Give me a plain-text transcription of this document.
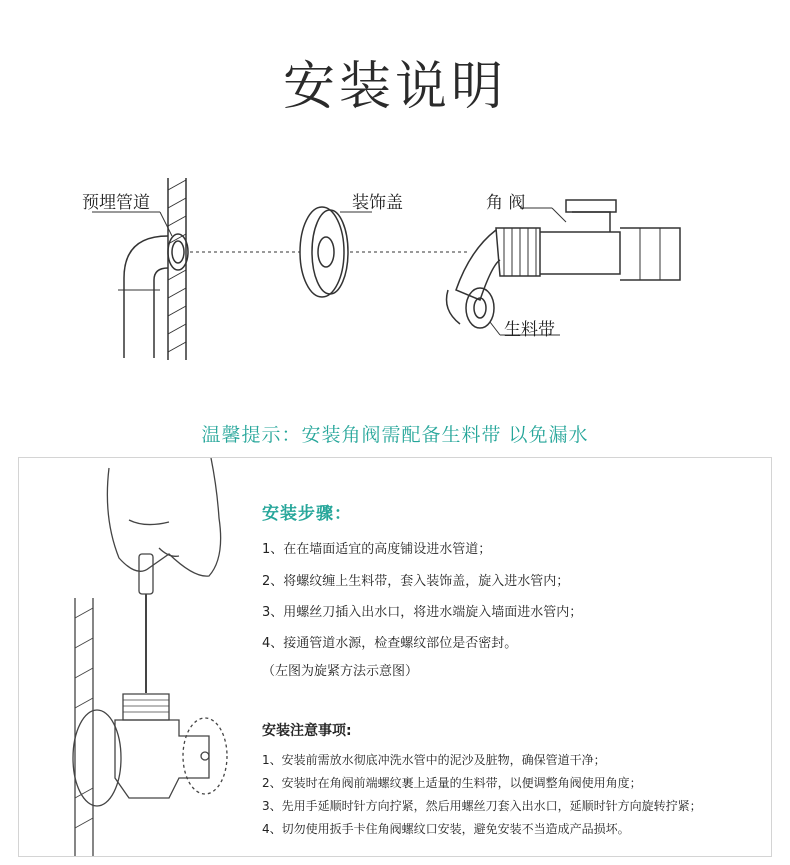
安装说明
预埋管道	装饰盖	角 阀
生料带
温馨提示：安装角阀需配备生料带 以免漏水
安装步骤：
1、在在墙面适宜的高度铺设进水管道；
2、将螺纹缠上生料带，套入装饰盖，旋入进水管内；
3、用螺丝刀插入出水口，将进水端旋入墙面进水管内；
4、接通管道水源，检查螺纹部位是否密封。
（左图为旋紧方法示意图）
安装注意事项:
1、安装前需放水彻底冲洗水管中的泥沙及脏物，确保管道干净；
2、安装时在角阀前端螺纹裹上适量的生料带，以便调整角阀使用角度；
3、先用手延顺时针方向拧紧，然后用螺丝刀套入出水口，延顺时针方向旋转拧紧；
4、切勿使用扳手卡住角阀螺纹口安装，避免安装不当造成产品损坏。
